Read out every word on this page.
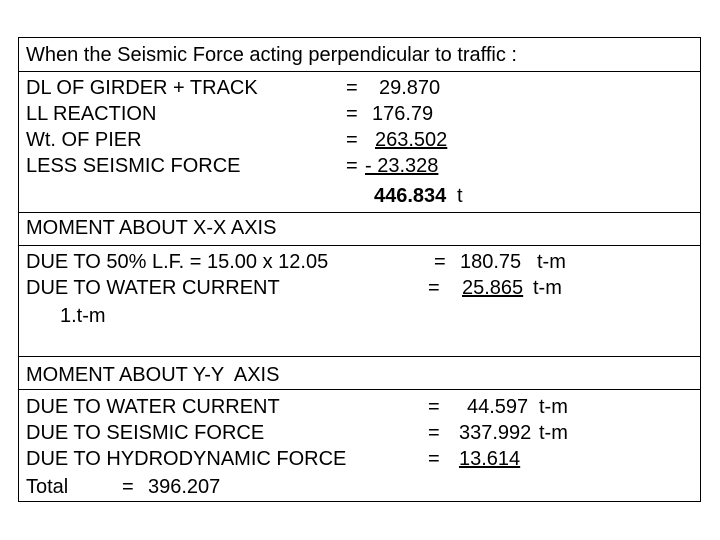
When the Seismic Force acting perpendicular to traffic :
DL OF GIRDER + TRACK	= 29.870
LL REACTION	= 176.79
Wt. OF PIER	= 263.502
LESS SEISMIC FORCE	= - 23.328
446.834 t
MOMENT ABOUT X-X AXIS
DUE TO 50% L.F. = 15.00 x 12.05	= 180.75 t-m
DUE TO WATER CURRENT	= 25.865 t-m
1.t-m
MOMENT ABOUT Y-Y  AXIS
DUE TO WATER CURRENT	= 44.597 t-m
DUE TO SEISMIC FORCE	= 337.992 t-m
DUE TO HYDRODYNAMIC FORCE	= 13.614
Total	= 396.207
